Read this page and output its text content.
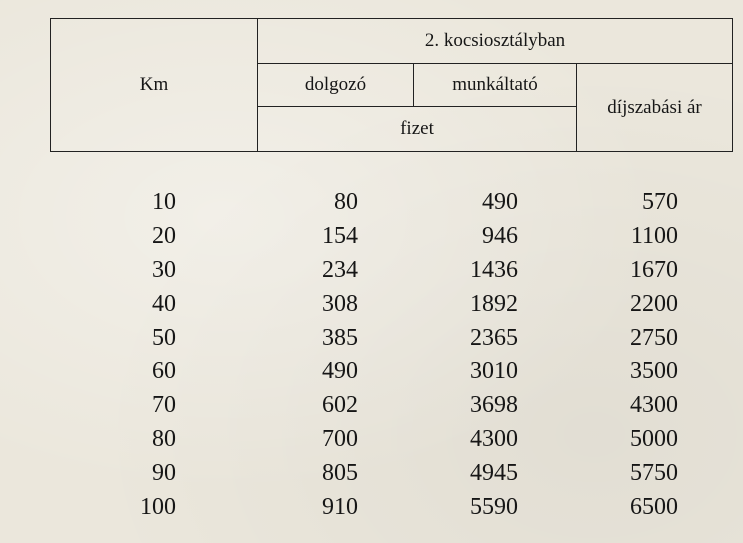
Km	2. kocsiosztályban		
	dolgozó	munkáltató	díjszabási ár
	fizet		
10	80	490	570
20	154	946	1100
30	234	1436	1670
40	308	1892	2200
50	385	2365	2750
60	490	3010	3500
70	602	3698	4300
80	700	4300	5000
90	805	4945	5750
100	910	5590	6500
